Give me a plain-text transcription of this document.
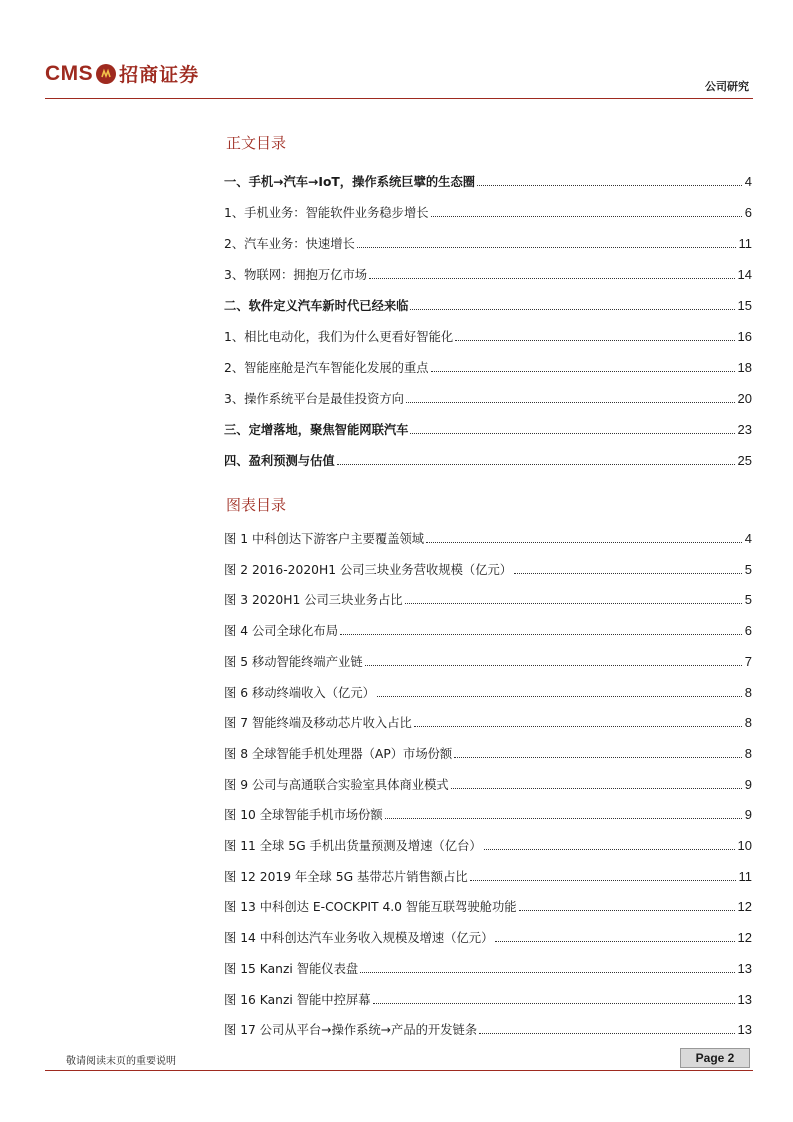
CMS 招商证券
公司研究
正文目录
一、手机→汽车→IoT，操作系统巨擘的生态圈	4
1、手机业务：智能软件业务稳步增长	6
2、汽车业务：快速增长	11
3、物联网：拥抱万亿市场	14
二、软件定义汽车新时代已经来临	15
1、相比电动化，我们为什么更看好智能化	16
2、智能座舱是汽车智能化发展的重点	18
3、操作系统平台是最佳投资方向	20
三、定增落地，聚焦智能网联汽车	23
四、盈利预测与估值	25
图表目录
图 1 中科创达下游客户主要覆盖领域	4
图 2 2016-2020H1 公司三块业务营收规模（亿元）	5
图 3 2020H1 公司三块业务占比	5
图 4 公司全球化布局	6
图 5 移动智能终端产业链	7
图 6 移动终端收入（亿元）	8
图 7 智能终端及移动芯片收入占比	8
图 8 全球智能手机处理器（AP）市场份额	8
图 9 公司与高通联合实验室具体商业模式	9
图 10 全球智能手机市场份额	9
图 11 全球 5G 手机出货量预测及增速（亿台）	10
图 12 2019 年全球 5G 基带芯片销售额占比	11
图 13 中科创达 E-COCKPIT 4.0 智能互联驾驶舱功能	12
图 14 中科创达汽车业务收入规模及增速（亿元）	12
图 15 Kanzi 智能仪表盘	13
图 16 Kanzi 智能中控屏幕	13
图 17 公司从平台→操作系统→产品的开发链条	13
敬请阅读末页的重要说明	Page 2
